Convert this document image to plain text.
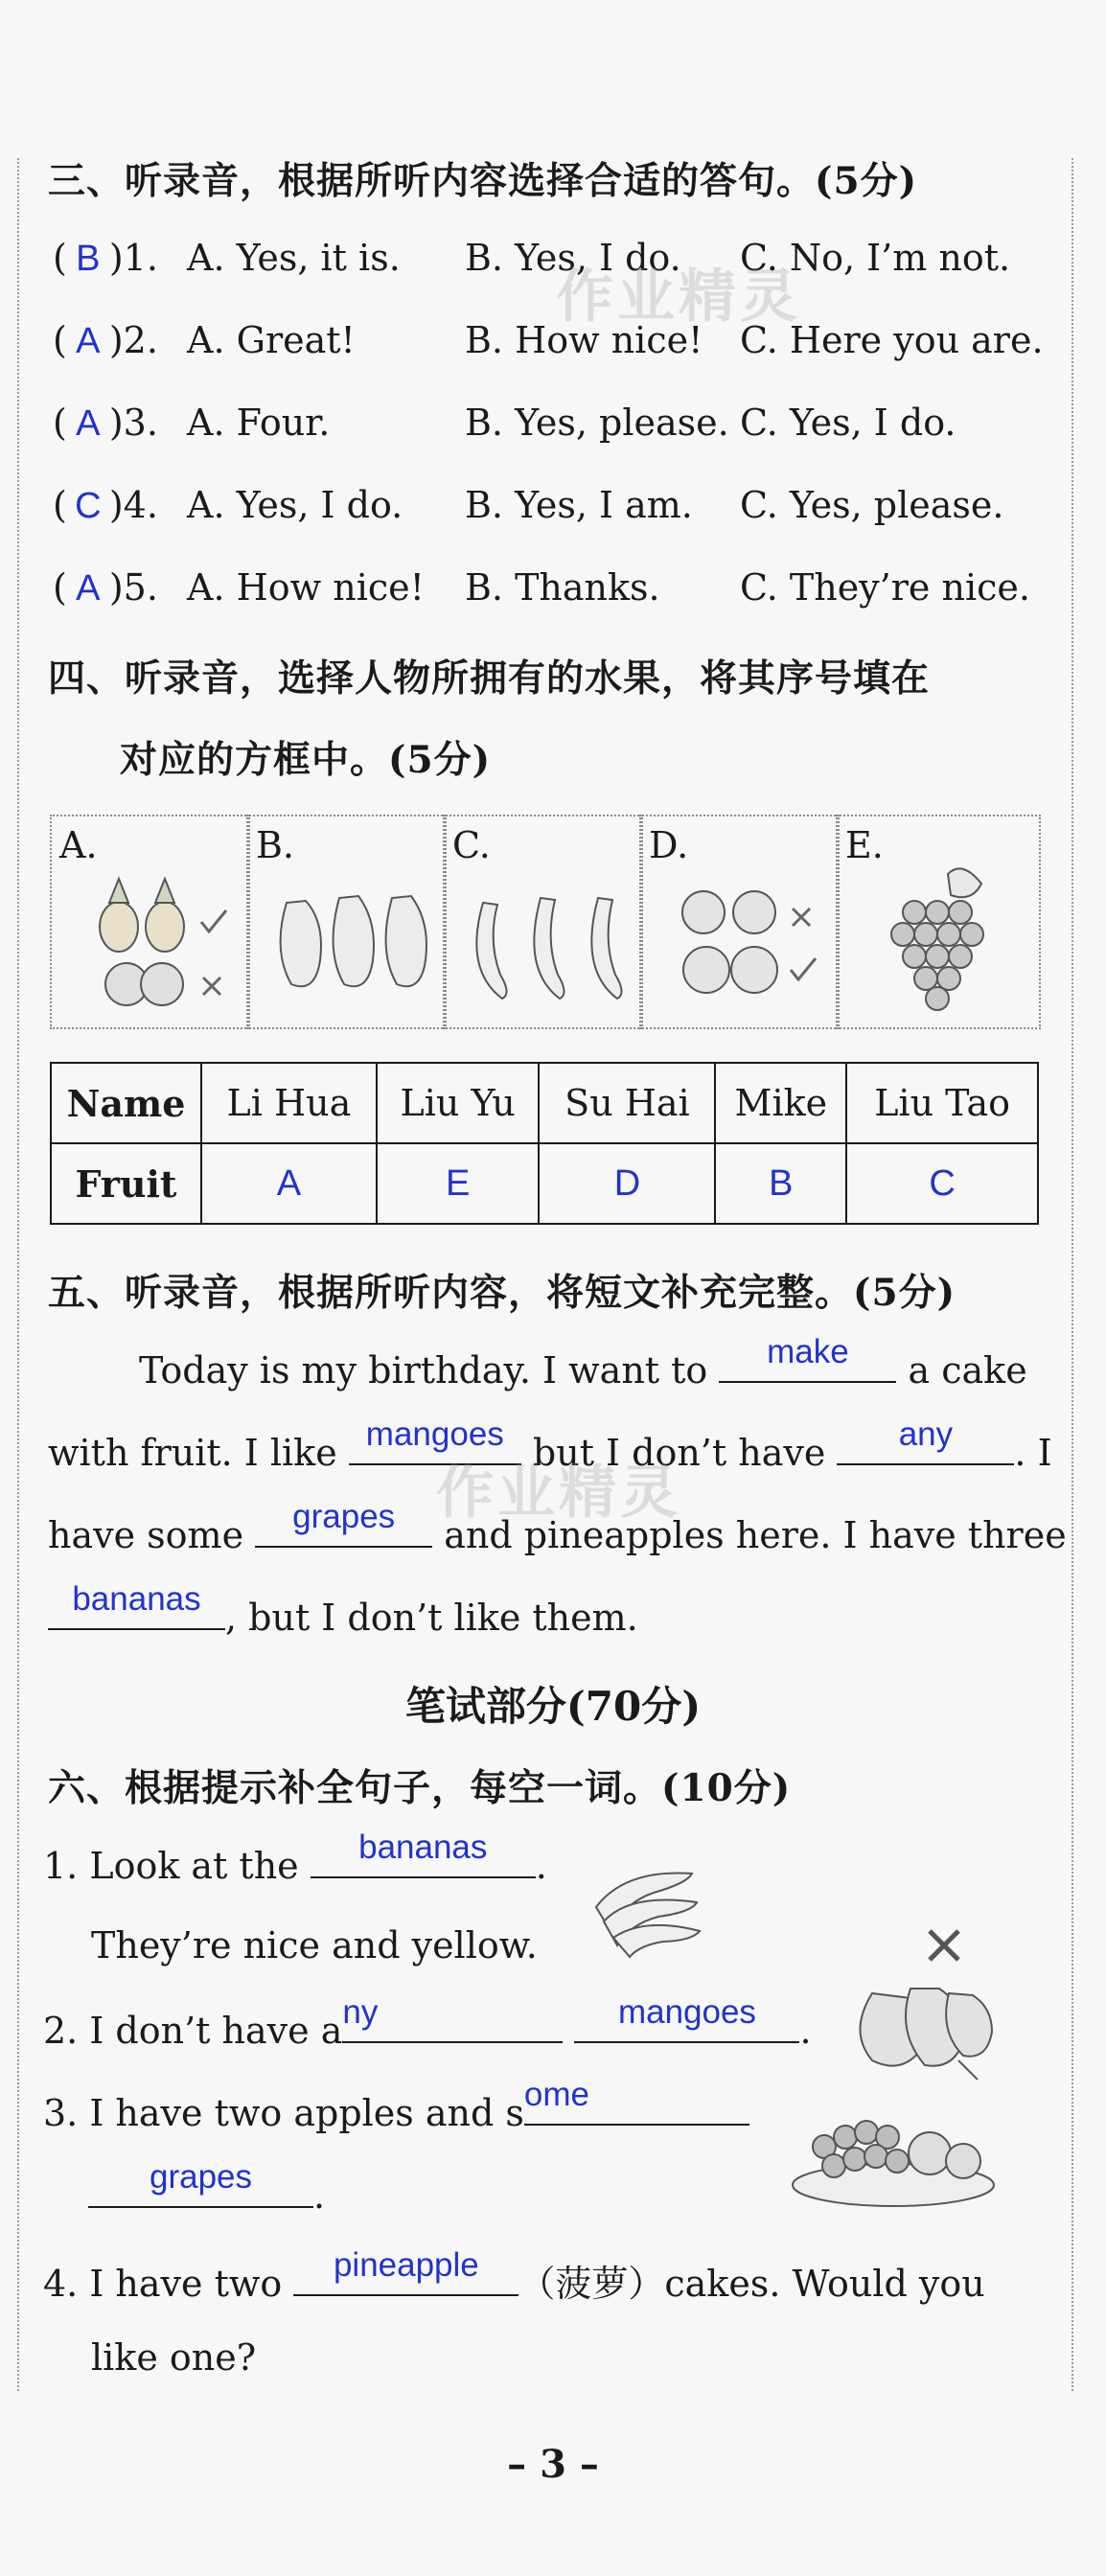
三、听录音，根据所听内容选择合适的答句。(5分)
( B )1. A. Yes, it is. B. Yes, I do. C. No, I’m not.
( A )2. A. Great!	B. How nice! C. Here you are.
( A )3. A. Four.	B. Yes, please. C. Yes, I do.
( C )4. A. Yes, I do. B. Yes, I am. C. Yes, please.
( A )5. A. How nice! B. Thanks. C. They’re nice.
作业精灵
四、听录音，选择人物所拥有的水果，将其序号填在
对应的方框中。(5分)
A.	B.	C.	D.	E.
Name	Li Hua	Liu Yu	Su Hai	Mike	Liu Tao
Fruit	A	E	D	B	C
五、听录音，根据所听内容，将短文补充完整。(5分)
Today is my birthday. I want to	make	a cake
with fruit. I like mangoes but I don’t have	any	. I
have some	grapes	and pineapples here. I have three
bananas , but I don’t like them.
作业精灵
笔试部分(70分)
六、根据提示补全句子，每空一词。(10分)
1. Look at the	bananas	.
They’re nice and yellow.
2. I don’t have a ny
	mangoes	.
3. I have two apples and s ome
grapes	.
4. I have two	pineapple	（菠萝）cakes. Would you
like one?
– 3 –
